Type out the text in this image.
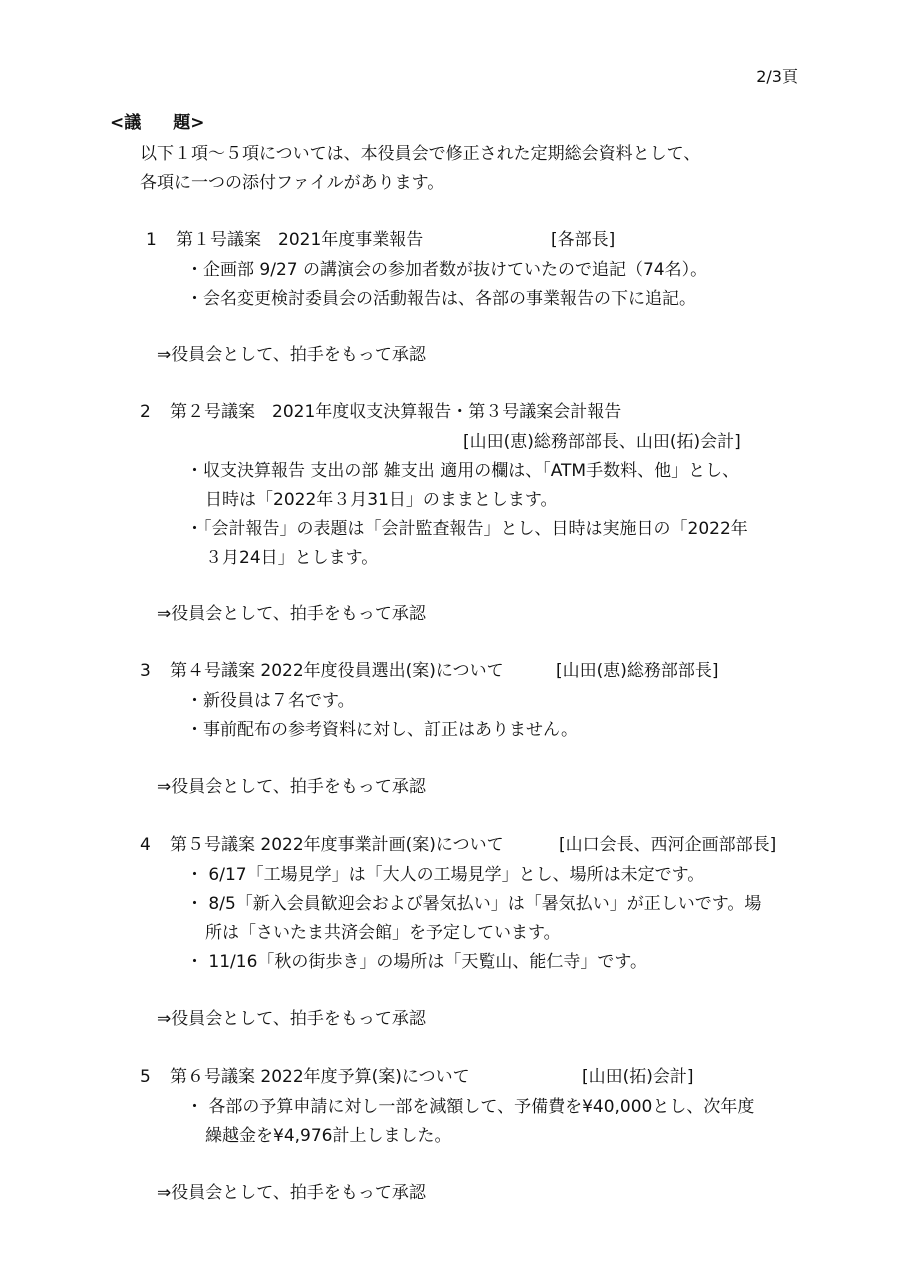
2/3頁
<議 題>
以下１項～５項については、本役員会で修正された定期総会資料として、
各項に一つの添付ファイルがあります。
1 第１号議案　2021年度事業報告	[各部長]
・企画部 9/27 の講演会の参加者数が抜けていたので追記（74名）。
・会名変更検討委員会の活動報告は、各部の事業報告の下に追記。
⇒役員会として、拍手をもって承認
2 第２号議案　2021年度収支決算報告・第３号議案会計報告
[山田(恵)総務部部長、山田(拓)会計]
・収支決算報告 支出の部 雑支出 適用の欄は、「ATM手数料、他」とし、
日時は「2022年３月31日」のままとします。
・「会計報告」の表題は「会計監査報告」とし、日時は実施日の「2022年
３月24日」とします。
⇒役員会として、拍手をもって承認
3 第４号議案 2022年度役員選出(案)について	[山田(恵)総務部部長]
・新役員は７名です。
・事前配布の参考資料に対し、訂正はありません。
⇒役員会として、拍手をもって承認
4 第５号議案 2022年度事業計画(案)について	[山口会長、西河企画部部長]
・ 6/17「工場見学」は「大人の工場見学」とし、場所は未定です。
・ 8/5「新入会員歓迎会および暑気払い」は「暑気払い」が正しいです。場
所は「さいたま共済会館」を予定しています。
・ 11/16「秋の街歩き」の場所は「天覧山、能仁寺」です。
⇒役員会として、拍手をもって承認
5 第６号議案 2022年度予算(案)について	[山田(拓)会計]
・ 各部の予算申請に対し一部を減額して、予備費を¥40,000とし、次年度
繰越金を¥4,976計上しました。
⇒役員会として、拍手をもって承認
